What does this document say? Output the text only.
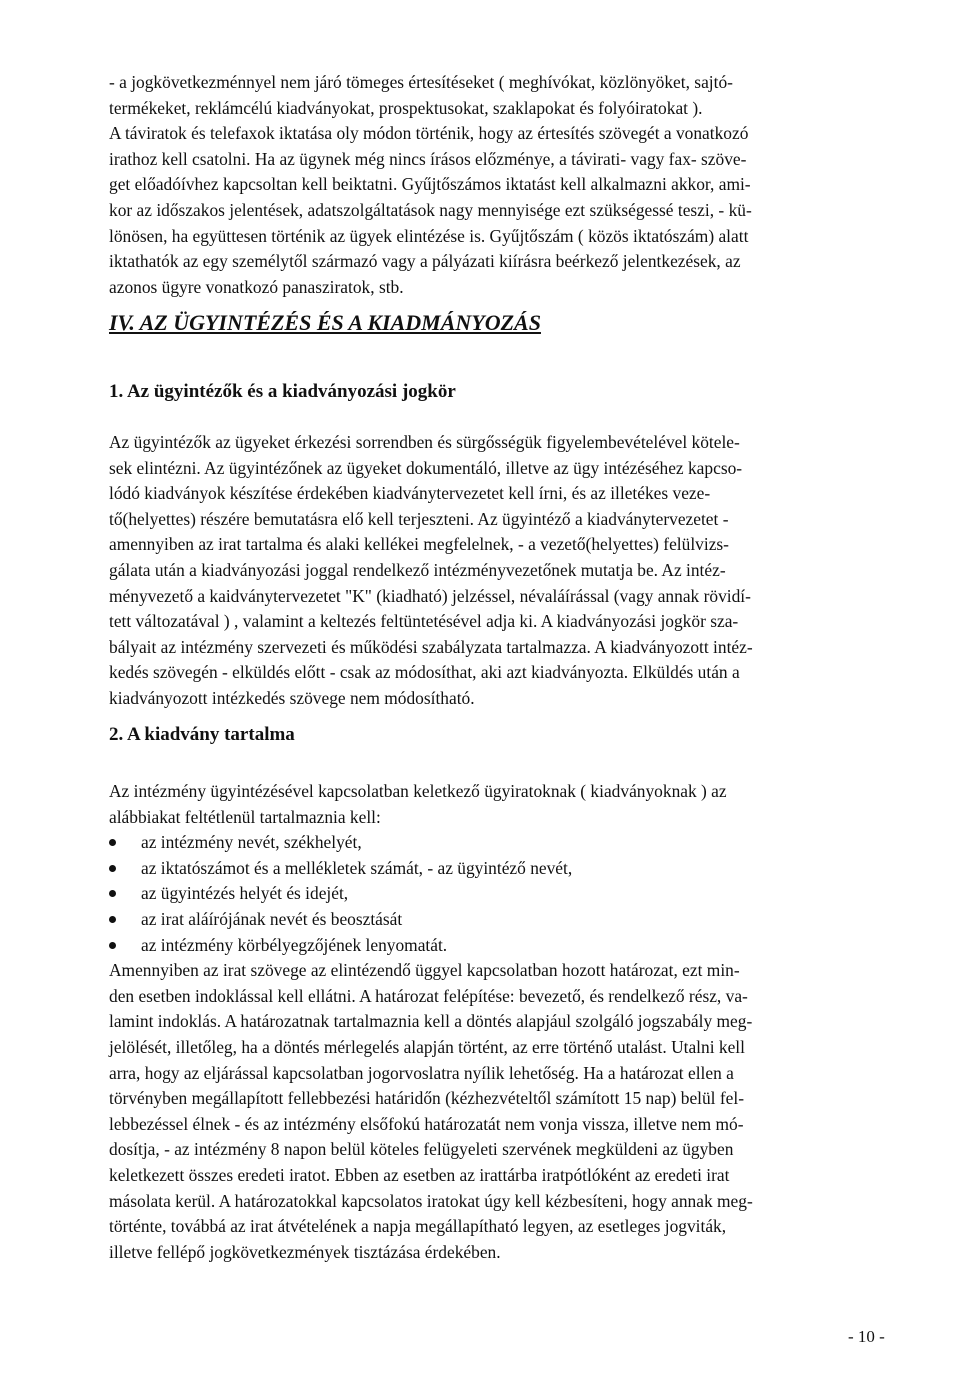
- a jogkövetkezménnyel nem járó tömeges értesítéseket ( meghívókat, közlönyöket, sajtó-
termékeket, reklámcélú kiadványokat, prospektusokat, szaklapokat és folyóiratokat ).
A táviratok és telefaxok iktatása oly módon történik, hogy az értesítés szövegét a vonatkozó
irathoz kell csatolni. Ha az ügynek még nincs írásos előzménye, a távirati- vagy fax- szöve-
get előadóívhez kapcsoltan kell beiktatni. Gyűjtőszámos iktatást kell alkalmazni akkor, ami-
kor az időszakos jelentések, adatszolgáltatások nagy mennyisége ezt szükségessé teszi, - kü-
lönösen, ha együttesen történik az ügyek elintézése is. Gyűjtőszám ( közös iktatószám) alatt
iktathatók az egy személytől származó vagy a pályázati kiírásra beérkező jelentkezések, az
azonos ügyre vonatkozó panasziratok, stb.
IV. AZ ÜGYINTÉZÉS ÉS A KIADMÁNYOZÁS
1. Az ügyintézők és a kiadványozási jogkör
Az ügyintézők az ügyeket érkezési sorrendben és sürgősségük figyelembevételével kötele-
sek elintézni. Az ügyintézőnek az ügyeket dokumentáló, illetve az ügy intézéséhez kapcso-
lódó kiadványok készítése érdekében kiadványtervezetet kell írni, és az illetékes veze-
tő(helyettes) részére bemutatásra elő kell terjeszteni. Az ügyintéző a kiadványtervezetet -
amennyiben az irat tartalma és alaki kellékei megfelelnek, - a vezető(helyettes) felülvizs-
gálata után a kiadványozási joggal rendelkező intézményvezetőnek mutatja be. Az intéz-
ményvezető a kaidványtervezetet "K" (kiadható) jelzéssel, névaláírással (vagy annak rövidí-
tett változatával ) , valamint a keltezés feltüntetésével adja ki. A kiadványozási jogkör sza-
bályait az intézmény szervezeti és működési szabályzata tartalmazza. A kiadványozott intéz-
kedés szövegén - elküldés előtt - csak az módosíthat, aki azt kiadványozta. Elküldés után a
kiadványozott intézkedés szövege nem módosítható.
2. A kiadvány tartalma
Az intézmény ügyintézésével kapcsolatban keletkező ügyiratoknak ( kiadványoknak ) az
alábbiakat feltétlenül tartalmaznia kell:
az intézmény nevét, székhelyét,
az iktatószámot és a mellékletek számát, - az ügyintéző nevét,
az ügyintézés helyét és idejét,
az irat aláírójának nevét és beosztását
az intézmény körbélyegzőjének lenyomatát.
Amennyiben az irat szövege az elintézendő üggyel kapcsolatban hozott határozat, ezt min-
den esetben indoklással kell ellátni. A határozat felépítése: bevezető, és rendelkező rész, va-
lamint indoklás. A határozatnak tartalmaznia kell a döntés alapjául szolgáló jogszabály meg-
jelölését, illetőleg, ha a döntés mérlegelés alapján történt, az erre történő utalást. Utalni kell
arra, hogy az eljárással kapcsolatban jogorvoslatra nyílik lehetőség. Ha a határozat ellen a
törvényben megállapított fellebbezési határidőn (kézhezvételtől számított 15 nap) belül fel-
lebbezéssel élnek - és az intézmény elsőfokú határozatát nem vonja vissza, illetve nem mó-
dosítja, - az intézmény 8 napon belül köteles felügyeleti szervének megküldeni az ügyben
keletkezett összes eredeti iratot. Ebben az esetben az irattárba iratpótlóként az eredeti irat
másolata kerül. A határozatokkal kapcsolatos iratokat úgy kell kézbesíteni, hogy annak meg-
történte, továbbá az irat átvételének a napja megállapítható legyen, az esetleges jogviták,
illetve fellépő jogkövetkezmények tisztázása érdekében.
- 10 -
